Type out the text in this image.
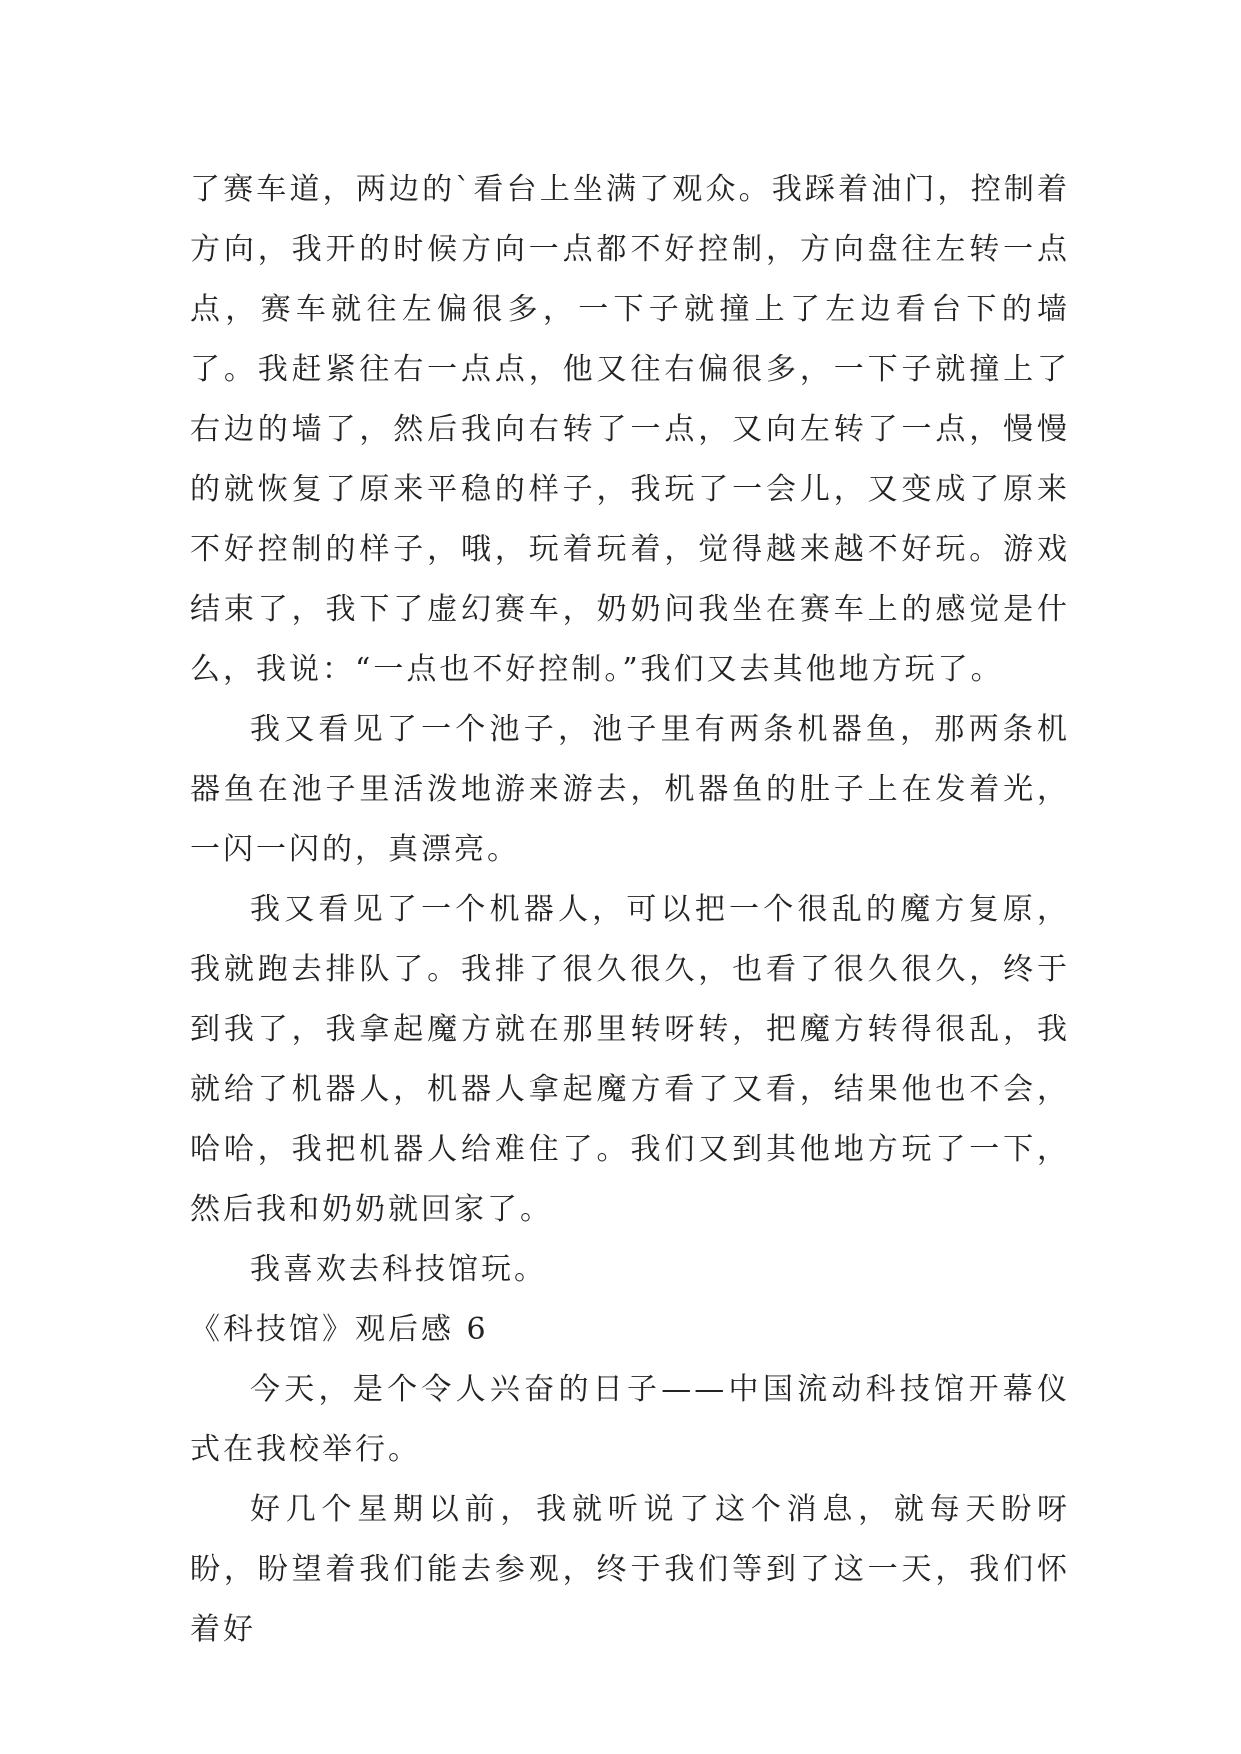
了赛车道，两边的`看台上坐满了观众。我踩着油门，控制着方向，我开的时候方向一点都不好控制，方向盘往左转一点点，赛车就往左偏很多，一下子就撞上了左边看台下的墙了。我赶紧往右一点点，他又往右偏很多，一下子就撞上了右边的墙了，然后我向右转了一点，又向左转了一点，慢慢的就恢复了原来平稳的样子，我玩了一会儿，又变成了原来不好控制的样子，哦，玩着玩着，觉得越来越不好玩。游戏结束了，我下了虚幻赛车，奶奶问我坐在赛车上的感觉是什么，我说：“一点也不好控制。”我们又去其他地方玩了。

我又看见了一个池子，池子里有两条机器鱼，那两条机器鱼在池子里活泼地游来游去，机器鱼的肚子上在发着光，一闪一闪的，真漂亮。

我又看见了一个机器人，可以把一个很乱的魔方复原，我就跑去排队了。我排了很久很久，也看了很久很久，终于到我了，我拿起魔方就在那里转呀转，把魔方转得很乱，我就给了机器人，机器人拿起魔方看了又看，结果他也不会，哈哈，我把机器人给难住了。我们又到其他地方玩了一下，然后我和奶奶就回家了。

我喜欢去科技馆玩。

《科技馆》观后感 6

今天，是个令人兴奋的日子——中国流动科技馆开幕仪式在我校举行。

好几个星期以前，我就听说了这个消息，就每天盼呀盼，盼望着我们能去参观，终于我们等到了这一天，我们怀着好
